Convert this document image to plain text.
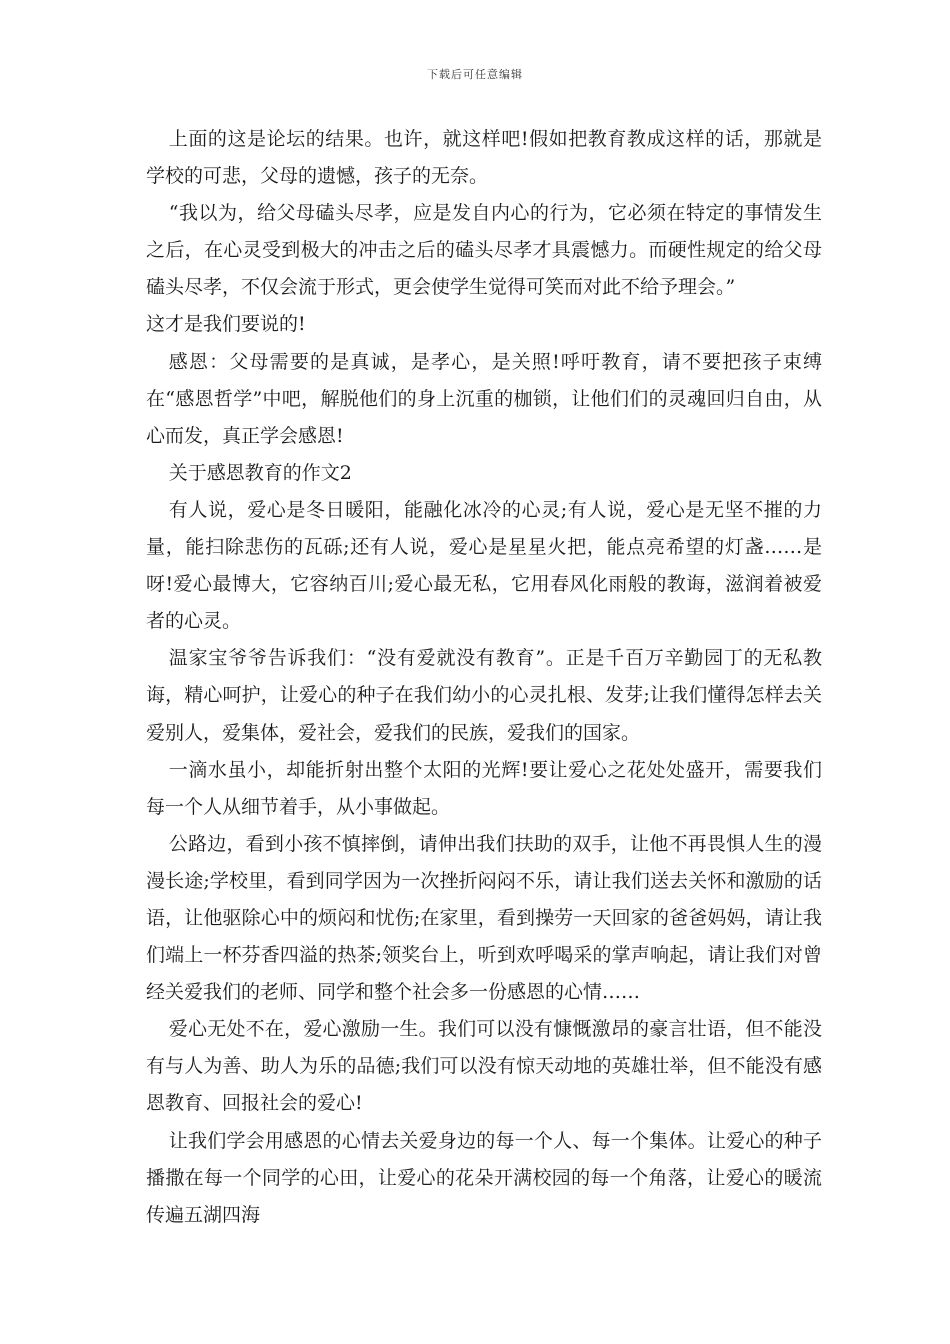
下载后可任意编辑

上面的这是论坛的结果。也许，就这样吧!假如把教育教成这样的话，那就是学校的可悲，父母的遗憾，孩子的无奈。

“我以为，给父母磕头尽孝，应是发自内心的行为，它必须在特定的事情发生之后，在心灵受到极大的冲击之后的磕头尽孝才具震憾力。而硬性规定的给父母磕头尽孝，不仅会流于形式，更会使学生觉得可笑而对此不给予理会。”

这才是我们要说的!

感恩：父母需要的是真诚，是孝心，是关照!呼吁教育，请不要把孩子束缚在“感恩哲学”中吧，解脱他们的身上沉重的枷锁，让他们们的灵魂回归自由，从心而发，真正学会感恩!

关于感恩教育的作文2

有人说，爱心是冬日暖阳，能融化冰冷的心灵;有人说，爱心是无坚不摧的力量，能扫除悲伤的瓦砾;还有人说，爱心是星星火把，能点亮希望的灯盏……是呀!爱心最博大，它容纳百川;爱心最无私，它用春风化雨般的教诲，滋润着被爱者的心灵。

温家宝爷爷告诉我们：“没有爱就没有教育”。正是千百万辛勤园丁的无私教诲，精心呵护，让爱心的种子在我们幼小的心灵扎根、发芽;让我们懂得怎样去关爱别人，爱集体，爱社会，爱我们的民族，爱我们的国家。

一滴水虽小，却能折射出整个太阳的光辉!要让爱心之花处处盛开，需要我们每一个人从细节着手，从小事做起。

公路边，看到小孩不慎摔倒，请伸出我们扶助的双手，让他不再畏惧人生的漫漫长途;学校里，看到同学因为一次挫折闷闷不乐，请让我们送去关怀和激励的话语，让他驱除心中的烦闷和忧伤;在家里，看到操劳一天回家的爸爸妈妈，请让我们端上一杯芬香四溢的热茶;领奖台上，听到欢呼喝采的掌声响起，请让我们对曾经关爱我们的老师、同学和整个社会多一份感恩的心情……

爱心无处不在，爱心激励一生。我们可以没有慷慨激昂的豪言壮语，但不能没有与人为善、助人为乐的品德;我们可以没有惊天动地的英雄壮举，但不能没有感恩教育、回报社会的爱心!

让我们学会用感恩的心情去关爱身边的每一个人、每一个集体。让爱心的种子播撒在每一个同学的心田，让爱心的花朵开满校园的每一个角落，让爱心的暖流传遍五湖四海
